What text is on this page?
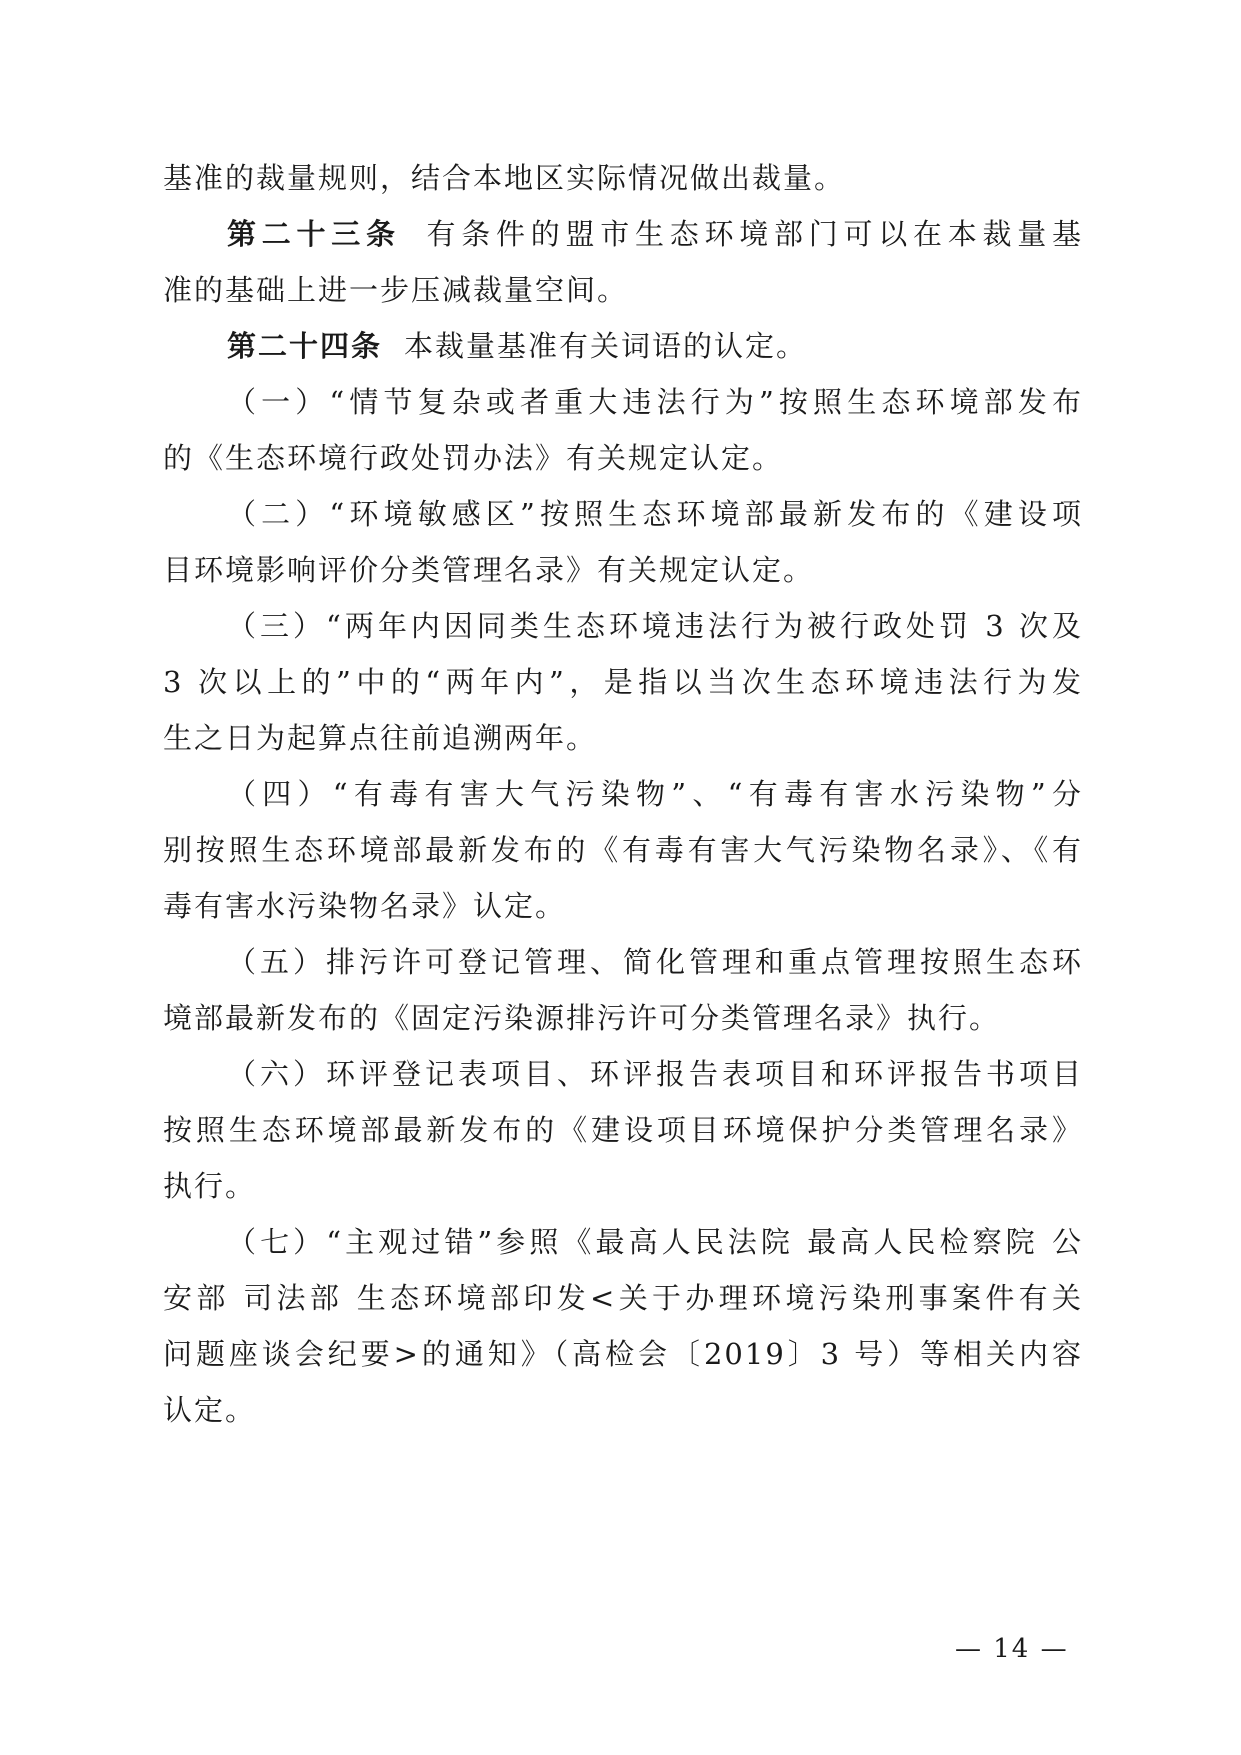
基准的裁量规则，结合本地区实际情况做出裁量。
第二十三条 有条件的盟市生态环境部门可以在本裁量基
准的基础上进一步压减裁量空间。
第二十四条 本裁量基准有关词语的认定。
（一）“情节复杂或者重大违法行为”按照生态环境部发布
的《生态环境行政处罚办法》有关规定认定。
（二）“环境敏感区”按照生态环境部最新发布的《建设项
目环境影响评价分类管理名录》有关规定认定。
（三）“两年内因同类生态环境违法行为被行政处罚 3 次及
3 次以上的”中的“两年内”，是指以当次生态环境违法行为发
生之日为起算点往前追溯两年。
（四）“有毒有害大气污染物”、“有毒有害水污染物”分
别按照生态环境部最新发布的《有毒有害大气污染物名录》、《有
毒有害水污染物名录》认定。
（五）排污许可登记管理、简化管理和重点管理按照生态环
境部最新发布的《固定污染源排污许可分类管理名录》执行。
（六）环评登记表项目、环评报告表项目和环评报告书项目
按照生态环境部最新发布的《建设项目环境保护分类管理名录》
执行。
（七）“主观过错”参照《最高人民法院 最高人民检察院 公
安部 司法部 生态环境部印发<关于办理环境污染刑事案件有关
问题座谈会纪要>的通知》（高检会〔2019〕3 号）等相关内容
认定。
— 14 —
